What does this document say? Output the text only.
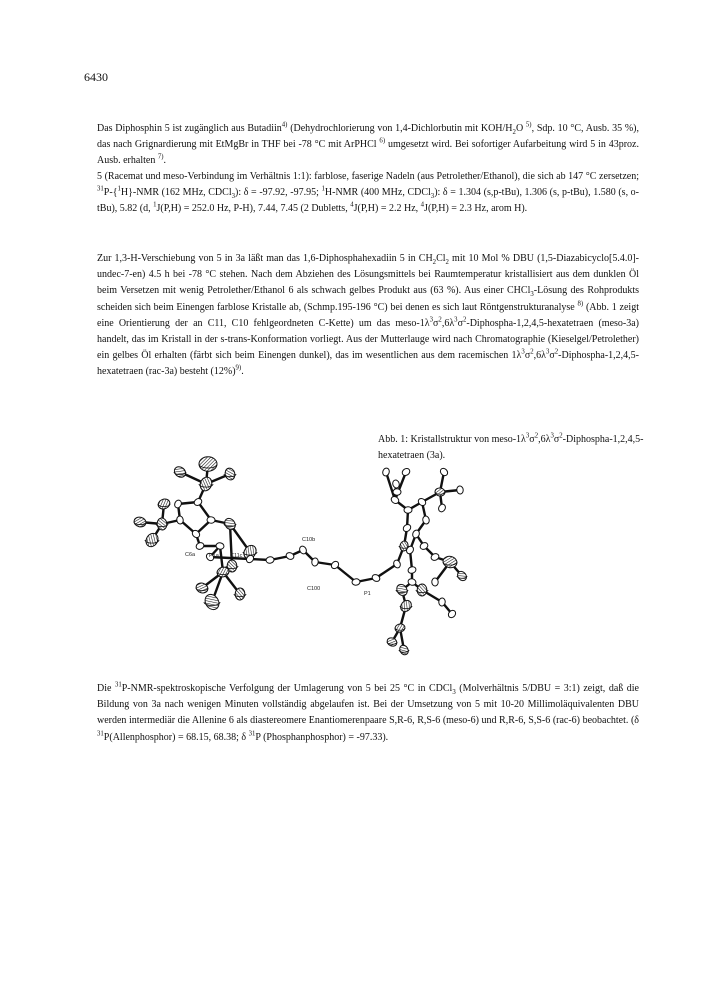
6430

Das Diphosphin 5 ist zugänglich aus Butadiin$^{4)}$ (Dehydrochlorierung von 1,4-Dichlorbutin mit KOH/$H_2O$ $^{5)}$, Sdp. 10 °C, Ausb. 35 %), das nach Grignardierung mit EtMgBr in THF bei -78 °C mit ArPHCl $^{6)}$ umgesetzt wird. Bei sofortiger Aufarbeitung wird 5 in 43proz. Ausb. erhalten $^{7)}$.

5 (Racemat und meso-Verbindung im Verhältnis 1:1): farblose, faserige Nadeln (aus Petrolether/Ethanol), die sich ab 147 °C zersetzen; $^{31}$P-{$^1$H}-NMR (162 MHz, CDCl$_3$): δ = -97.92, -97.95; $^1$H-NMR (400 MHz, CDCl$_3$): δ = 1.304 (s,p-tBu), 1.306 (s, p-tBu), 1.580 (s, o-tBu), 5.82 (d, $^1$J(P,H) = 252.0 Hz, P-H), 7.44, 7.45 (2 Dubletts, $^4$J(P,H) = 2.2 Hz, $^4$J(P,H) = 2.3 Hz, arom H).

Zur 1,3-H-Verschiebung von 5 in 3a läßt man das 1,6-Diphosphahexadiin 5 in $CH_2Cl_2$ mit 10 Mol % DBU (1,5-Diazabicyclo[5.4.0]-undec-7-en) 4.5 h bei -78 °C stehen. Nach dem Abziehen des Lösungsmittels bei Raumtemperatur kristallisiert aus dem dunklen Öl beim Versetzen mit wenig Petrolether/Ethanol 6 als schwach gelbes Produkt aus (63 %). Aus einer CHCl$_3$-Lösung des Rohprodukts scheiden sich beim Einengen farblose Kristalle ab, (Schmp.195-196 °C) bei denen es sich laut Röntgenstrukturanalyse $^{8)}$ (Abb. 1 zeigt eine Orientierung der an C11, C10 fehlgeordneten C-Kette) um das meso-$1\lambda^3\sigma^2,6\lambda^3\sigma^2-Diphospha-1,2,4,5$-hexatetraen (meso-3a) handelt, das im Kristall in der s-trans-Konformation vorliegt. Aus der Mutterlauge wird nach Chromatographie (Kieselgel/Petrolether) ein gelbes Öl erhalten (färbt sich beim Einengen dunkel), das im wesentlichen aus dem racemischen $1\lambda^3\sigma^2,6\lambda^3\sigma^2-Diphospha-1,2,4,5$-hexatetraen (rac-3a) besteht $(12\%)^{9)}$.

C6a	P1a C11c
C10b
C100
P1
Abb. 1: Kristallstruktur von meso-$1\lambda^3\sigma^2,6\lambda^3\sigma^2-Diphospha-1,2,4,5$-hexatetraen (3a).

Die $^{31}$P-NMR-spektroskopische Verfolgung der Umlagerung von 5 bei 25 °C in CDCl$_3$ (Molverhältnis 5/DBU = 3:1) zeigt, daß die Bildung von 3a nach wenigen Minuten vollständig abgelaufen ist. Bei der Umsetzung von 5 mit 10-20 Millimoläquivalenten DBU werden intermediär die Allenine 6 als diastereomere Enantiomerenpaare S,R-6, R,S-6 (meso-6) und R,R-6, S,S-6 (rac-6) beobachtet. (δ $^{31}$P(Allenphosphor) = 68.15, 68.38; δ $^{31}$P (Phosphanphosphor) = -97.33).
